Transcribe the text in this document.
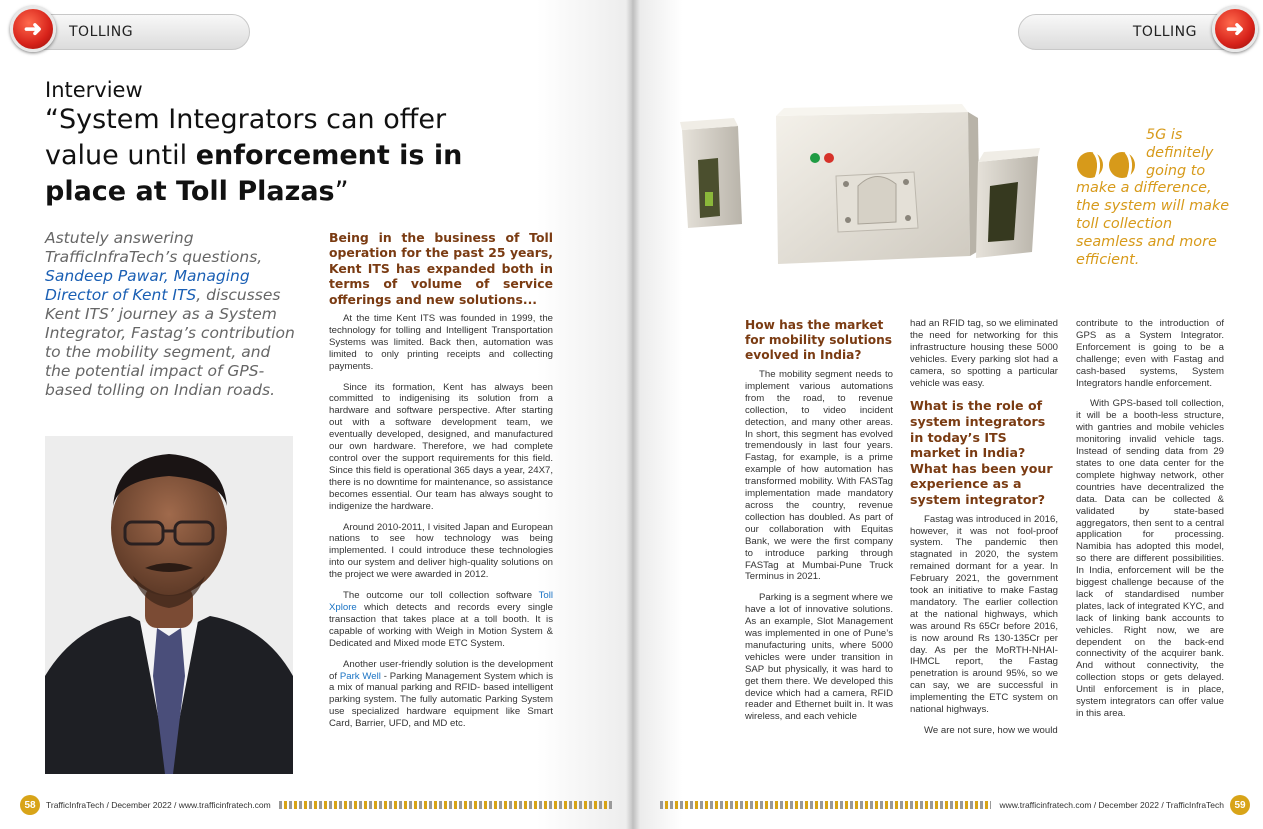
TOLLING
➜
Interview
“System Integrators can offer value until enforcement is in place at Toll Plazas”
Astutely answering TrafficInfraTech’s questions, Sandeep Pawar, Managing Director of Kent ITS, discusses Kent ITS’ journey as a System Integrator, Fastag’s contribution to the mobility segment, and the potential impact of GPS-based tolling on Indian roads.
Being in the business of Toll operation for the past 25 years, Kent ITS has expanded both in terms of volume of service offerings and new solutions...

At the time Kent ITS was founded in 1999, the technology for tolling and Intelligent Transportation Systems was limited. Back then, automation was limited to only printing receipts and collecting payments.

Since its formation, Kent has always been committed to indigenising its solution from a hardware and software perspective. After starting out with a software development team, we eventually developed, designed, and manufactured our own hardware. Therefore, we had complete control over the support requirements for this field. Since this field is operational 365 days a year, 24X7, there is no downtime for maintenance, so assistance becomes essential. Our team has always sought to indigenize the hardware.

Around 2010-2011, I visited Japan and European nations to see how technology was being implemented. I could introduce these technologies into our system and deliver high-quality solutions on the project we were awarded in 2012.

The outcome our toll collection software Toll Xplore which detects and records every single transaction that takes place at a toll booth. It is capable of working with Weigh in Motion System & Dedicated and Mixed mode ETC System.

Another user-friendly solution is the development of Park Well - Parking Management System which is a mix of manual parking and RFID- based intelligent parking system. The fully automatic Parking System use specialized hardware equipment like Smart Card, Barrier, UFD, and MD etc.

58	TrafficInfraTech / December 2022 / www.trafficinfratech.com
TOLLING	➜
5G is definitely going to
make a difference, the system will make toll collection seamless and more efficient.
How has the market for mobility solutions evolved in India?

The mobility segment needs to implement various automations from the road, to revenue collection, to video incident detection, and many other areas. In short, this segment has evolved tremendously in last four years. Fastag, for example, is a prime example of how automation has transformed mobility. With FASTag implementation made mandatory across the country, revenue collection has doubled. As part of our collaboration with Equitas Bank, we were the first company to introduce parking through FASTag at Mumbai-Pune Truck Terminus in 2021.

Parking is a segment where we have a lot of innovative solutions. As an example, Slot Management was implemented in one of Pune’s manufacturing units, where 5000 vehicles were under transition in SAP but physically, it was hard to get them there. We developed this device which had a camera, RFID reader and Ethernet built in. It was wireless, and each vehicle

had an RFID tag, so we eliminated the need for networking for this infrastructure housing these 5000 vehicles. Every parking slot had a camera, so spotting a particular vehicle was easy.

What is the role of system integrators in today’s ITS market in India? What has been your experience as a system integrator?

Fastag was introduced in 2016, however, it was not fool-proof system. The pandemic then stagnated in 2020, the system remained dormant for a year. In February 2021, the government took an initiative to make Fastag mandatory. The earlier collection at the national highways, which was around Rs 65Cr before 2016, is now around Rs 130-135Cr per day. As per the MoRTH-NHAI-IHMCL report, the Fastag penetration is around 95%, so we can say, we are successful in implementing the ETC system on national highways.

We are not sure, how we would

contribute to the introduction of GPS as a System Integrator. Enforcement is going to be a challenge; even with Fastag and cash-based systems, System Integrators handle enforcement.

With GPS-based toll collection, it will be a booth-less structure, with gantries and mobile vehicles monitoring invalid vehicle tags. Instead of sending data from 29 states to one data center for the complete highway network, other countries have decentralized the data. Data can be collected & validated by state-based aggregators, then sent to a central application for processing. Namibia has adopted this model, so there are different possibilities. In India, enforcement will be the biggest challenge because of the lack of standardised number plates, lack of integrated KYC, and lack of linking bank accounts to vehicles. Right now, we are dependent on the back-end connectivity of the acquirer bank. And without connectivity, the collection stops or gets delayed. Until enforcement is in place, system integrators can offer value in this area.

www.trafficinfratech.com / December 2022 / TrafficInfraTech	59
